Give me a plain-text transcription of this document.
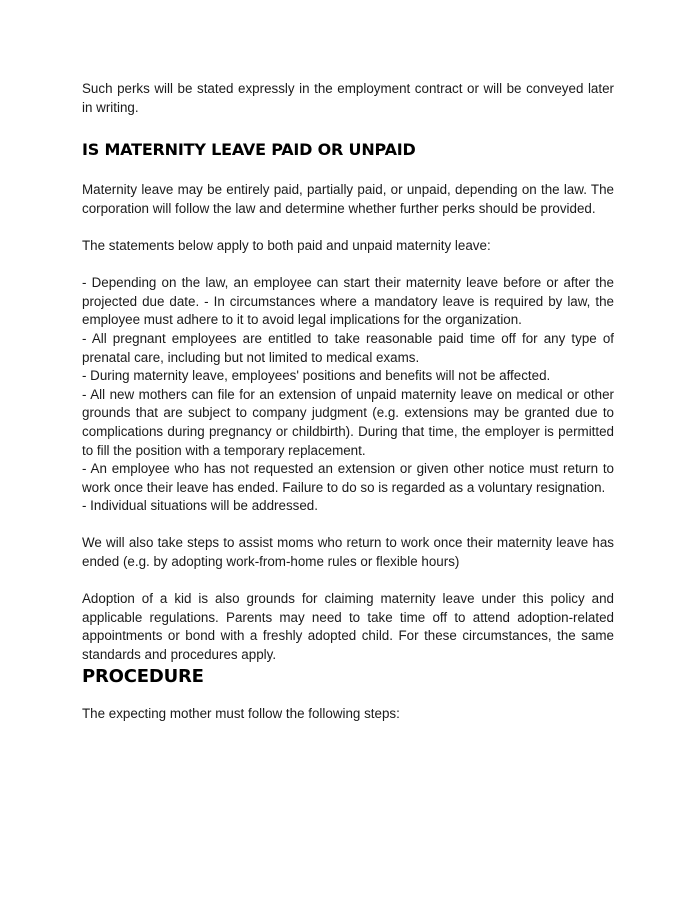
Such perks will be stated expressly in the employment contract or will be conveyed later in writing.

IS MATERNITY LEAVE PAID OR UNPAID

Maternity leave may be entirely paid, partially paid, or unpaid, depending on the law. The corporation will follow the law and determine whether further perks should be provided.

The statements below apply to both paid and unpaid maternity leave:

- Depending on the law, an employee can start their maternity leave before or after the projected due date. - In circumstances where a mandatory leave is required by law, the employee must adhere to it to avoid legal implications for the organization.

- All pregnant employees are entitled to take reasonable paid time off for any type of prenatal care, including but not limited to medical exams.

- During maternity leave, employees' positions and benefits will not be affected.

- All new mothers can file for an extension of unpaid maternity leave on medical or other grounds that are subject to company judgment (e.g. extensions may be granted due to complications during pregnancy or childbirth). During that time, the employer is permitted to fill the position with a temporary replacement.

- An employee who has not requested an extension or given other notice must return to work once their leave has ended. Failure to do so is regarded as a voluntary resignation.

- Individual situations will be addressed.

We will also take steps to assist moms who return to work once their maternity leave has ended (e.g. by adopting work-from-home rules or flexible hours)

Adoption of a kid is also grounds for claiming maternity leave under this policy and applicable regulations. Parents may need to take time off to attend adoption-related appointments or bond with a freshly adopted child. For these circumstances, the same standards and procedures apply.

PROCEDURE

The expecting mother must follow the following steps:
